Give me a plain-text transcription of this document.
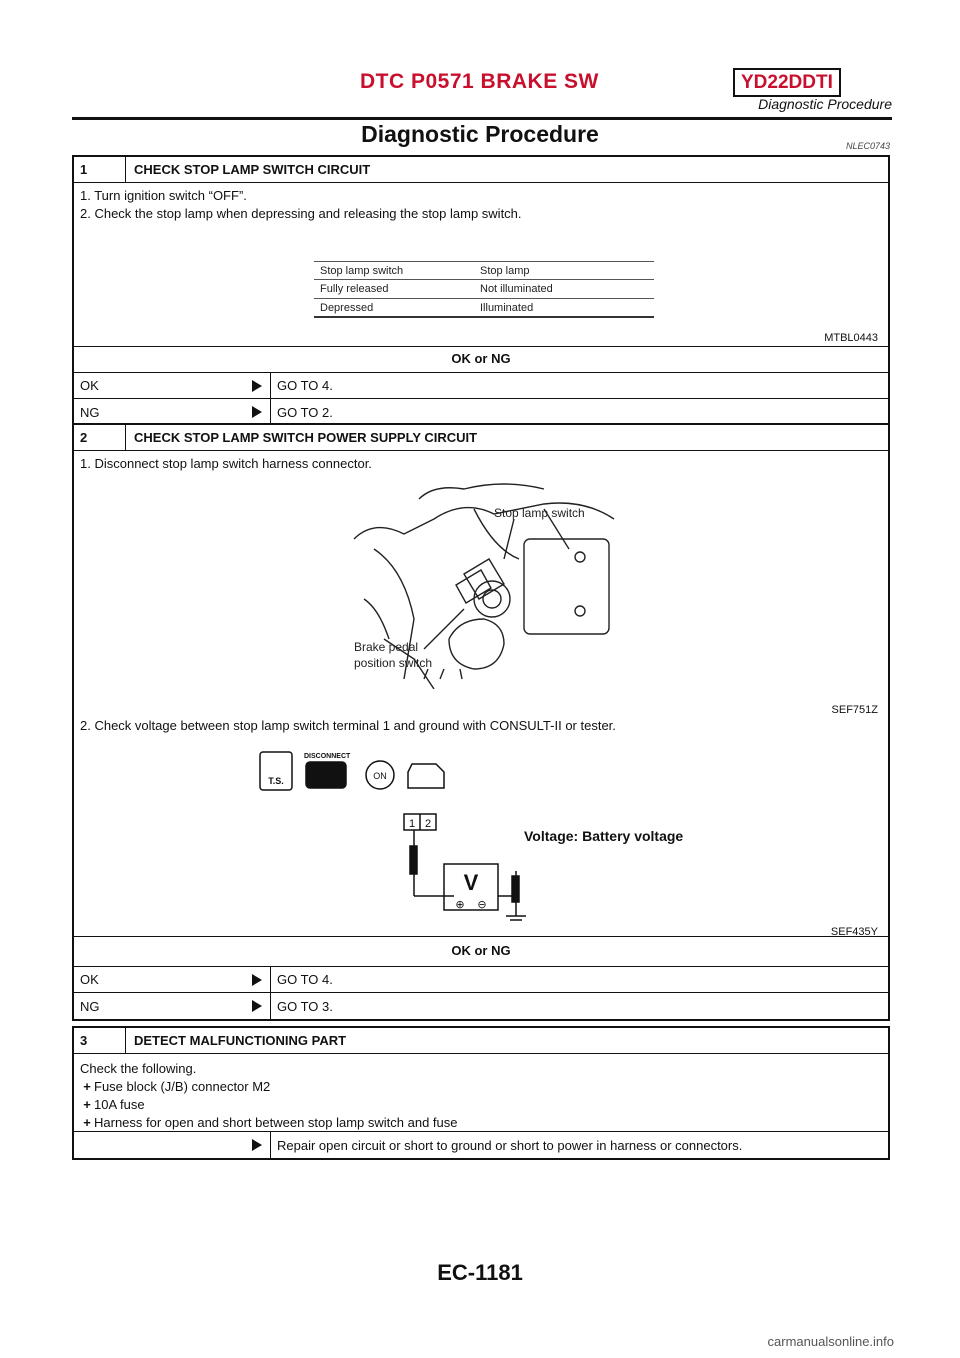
DTC P0571 BRAKE SW	YD22DDTI
Diagnostic Procedure
Diagnostic Procedure	NLEC0743
1	CHECK STOP LAMP SWITCH CIRCUIT
1. Turn ignition switch “OFF”.
2. Check the stop lamp when depressing and releasing the stop lamp switch.
Stop lamp switch	Stop lamp
Fully released	Not illuminated
Depressed	Illuminated
MTBL0443
OK or NG
OK	GO TO 4.
NG	GO TO 2.
2	CHECK STOP LAMP SWITCH POWER SUPPLY CIRCUIT
1. Disconnect stop lamp switch harness connector.
Stop lamp switch
Brake pedal
position switch
SEF751Z
2. Check voltage between stop lamp switch terminal 1 and ground with CONSULT-II or tester.
T.S.
DISCONNECT
ON
1 2
V
⊕ ⊖
Voltage: Battery voltage
SEF435Y
OK or NG
OK	GO TO 4.
NG	GO TO 3.
3	DETECT MALFUNCTIONING PART
Check the following.
+ Fuse block (J/B) connector M2
+ 10A fuse
+ Harness for open and short between stop lamp switch and fuse
Repair open circuit or short to ground or short to power in harness or connectors.
EC-1181
carmanualsonline.info
